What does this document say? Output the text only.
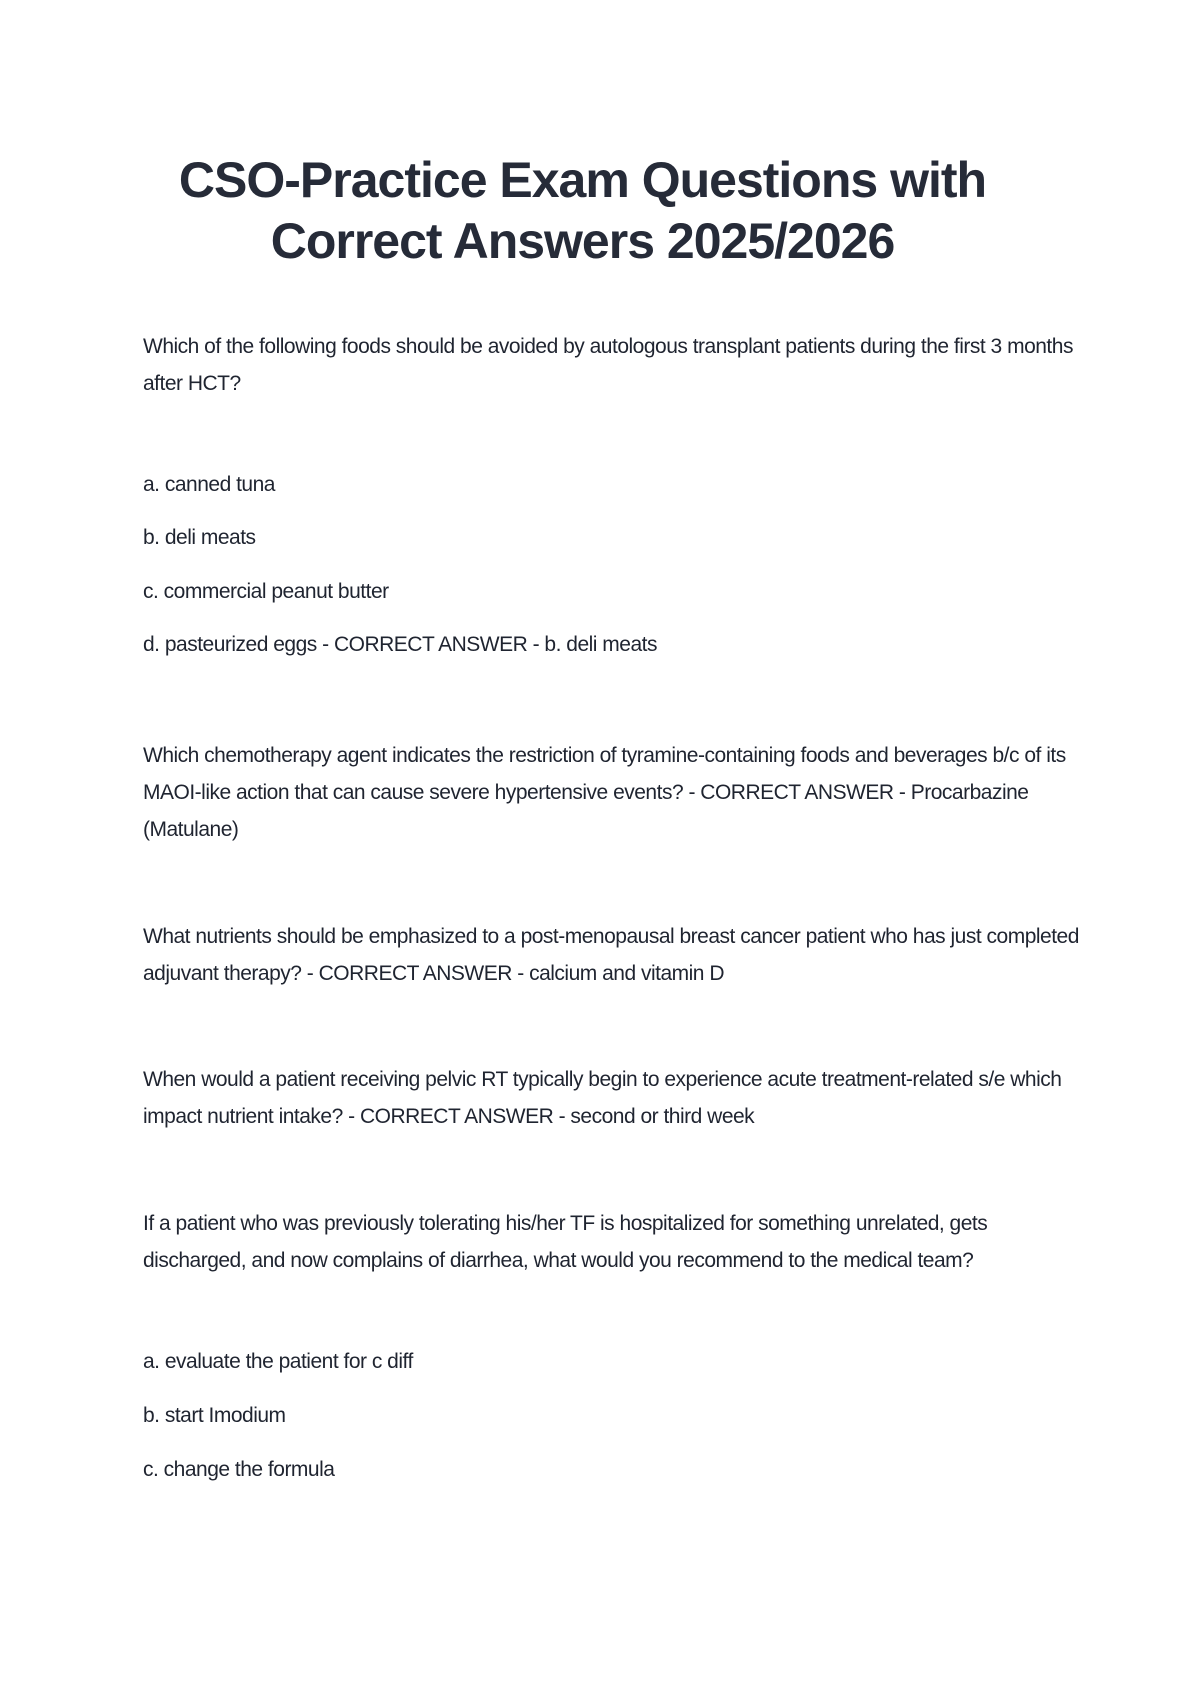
CSO-Practice Exam Questions with
Correct Answers 2025/2026

Which of the following foods should be avoided by autologous transplant patients during the first 3 months after HCT?

a. canned tuna

b. deli meats

c. commercial peanut butter

d. pasteurized eggs - CORRECT ANSWER - b. deli meats

Which chemotherapy agent indicates the restriction of tyramine-containing foods and beverages b/c of its MAOI-like action that can cause severe hypertensive events? - CORRECT ANSWER - Procarbazine (Matulane)

What nutrients should be emphasized to a post-menopausal breast cancer patient who has just completed adjuvant therapy? - CORRECT ANSWER - calcium and vitamin D

When would a patient receiving pelvic RT typically begin to experience acute treatment-related s/e which impact nutrient intake? - CORRECT ANSWER - second or third week

If a patient who was previously tolerating his/her TF is hospitalized for something unrelated, gets discharged, and now complains of diarrhea, what would you recommend to the medical team?

a. evaluate the patient for c diff

b. start Imodium

c. change the formula
